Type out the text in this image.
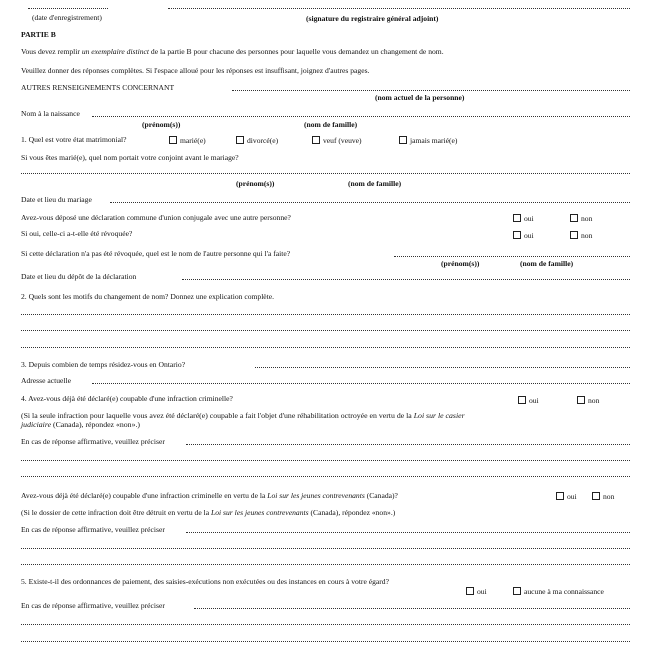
(date d'enregistrement)	(signature du registraire général adjoint)
PARTIE B
Vous devez remplir un exemplaire distinct de la partie B pour chacune des personnes pour laquelle vous demandez un changement de nom.
Veuillez donner des réponses complètes. Si l'espace alloué pour les réponses est insuffisant, joignez d'autres pages.
AUTRES RENSEIGNEMENTS CONCERNANT
(nom actuel de la personne)
Nom à la naissance
(prénom(s))	(nom de famille)
1. Quel est votre état matrimonial?	marié(e)	divorcé(e)	veuf (veuve)	jamais marié(e)
Si vous êtes marié(e), quel nom portait votre conjoint avant le mariage?
(prénom(s))	(nom de famille)
Date et lieu du mariage
Avez-vous déposé une déclaration commune d'union conjugale avec une autre personne?	oui	non
Si oui, celle-ci a-t-elle été révoquée?	oui	non
Si cette déclaration n'a pas été révoquée, quel est le nom de l'autre personne qui l'a faite?
(prénom(s))	(nom de famille)
Date et lieu du dépôt de la déclaration
2. Quels sont les motifs du changement de nom? Donnez une explication complète.
3. Depuis combien de temps résidez-vous en Ontario?
Adresse actuelle
4. Avez-vous déjà été déclaré(e) coupable d'une infraction criminelle?	oui	non
(Si la seule infraction pour laquelle vous avez été déclaré(e) coupable a fait l'objet d'une réhabilitation octroyée en vertu de la Loi sur le casier
judiciaire (Canada), répondez «non».)
En cas de réponse affirmative, veuillez préciser
Avez-vous déjà été déclaré(e) coupable d'une infraction criminelle en vertu de la Loi sur les jeunes contrevenants (Canada)?	oui	non
(Si le dossier de cette infraction doit être détruit en vertu de la Loi sur les jeunes contrevenants (Canada), répondez «non».)
En cas de réponse affirmative, veuillez préciser
5. Existe-t-il des ordonnances de paiement, des saisies-exécutions non exécutées ou des instances en cours à votre égard?
oui	aucune à ma connaissance
En cas de réponse affirmative, veuillez préciser
